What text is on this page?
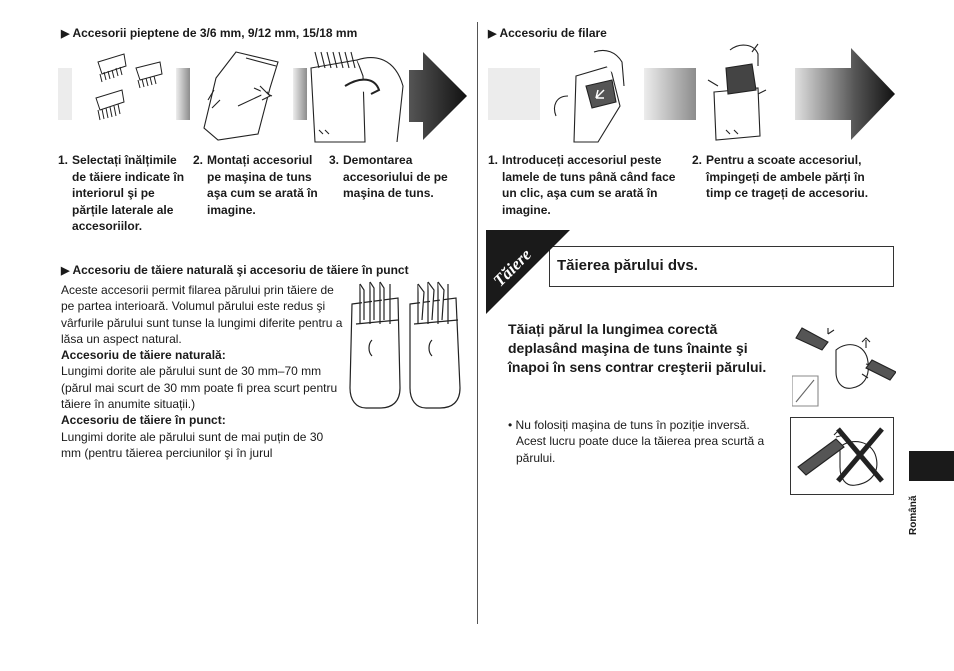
▶ Accesorii pieptene de 3/6 mm, 9/12 mm, 15/18 mm
1. Selectați înălțimile de tăiere indicate în interiorul şi pe părțile laterale ale accesoriilor.
2. Montați accesoriul pe maşina de tuns aşa cum se arată în imagine.
3. Demontarea accesoriului de pe maşina de tuns.
▶ Accesoriu de tăiere naturală şi accesoriu de tăiere în punct
Aceste accesorii permit filarea părului prin tăiere de pe partea interioară. Volumul părului este redus şi vârfurile părului sunt tunse la lungimi diferite pentru a lăsa un aspect natural.
Accesoriu de tăiere naturală:
Lungimi dorite ale părului sunt de 30 mm–70 mm (părul mai scurt de 30 mm poate fi prea scurt pentru tăiere în anumite situații.)
Accesoriu de tăiere în punct:
Lungimi dorite ale părului sunt de mai puțin de 30 mm (pentru tăierea perciunilor şi în jurul
▶ Accesoriu de filare
1. Introduceți accesoriul peste lamele de tuns până când face un clic, aşa cum se arată în imagine.
2. Pentru a scoate accesoriul, împingeți de ambele părți în timp ce trageți de accesoriu.
Tăiere Tăierea părului dvs.
Tăiați părul la lungimea corectă deplasând maşina de tuns înainte şi înapoi în sens contrar creşterii părului.
• Nu folosiți maşina de tuns în poziție inversă.
Acest lucru poate duce la tăierea prea scurtă a părului.
Română
